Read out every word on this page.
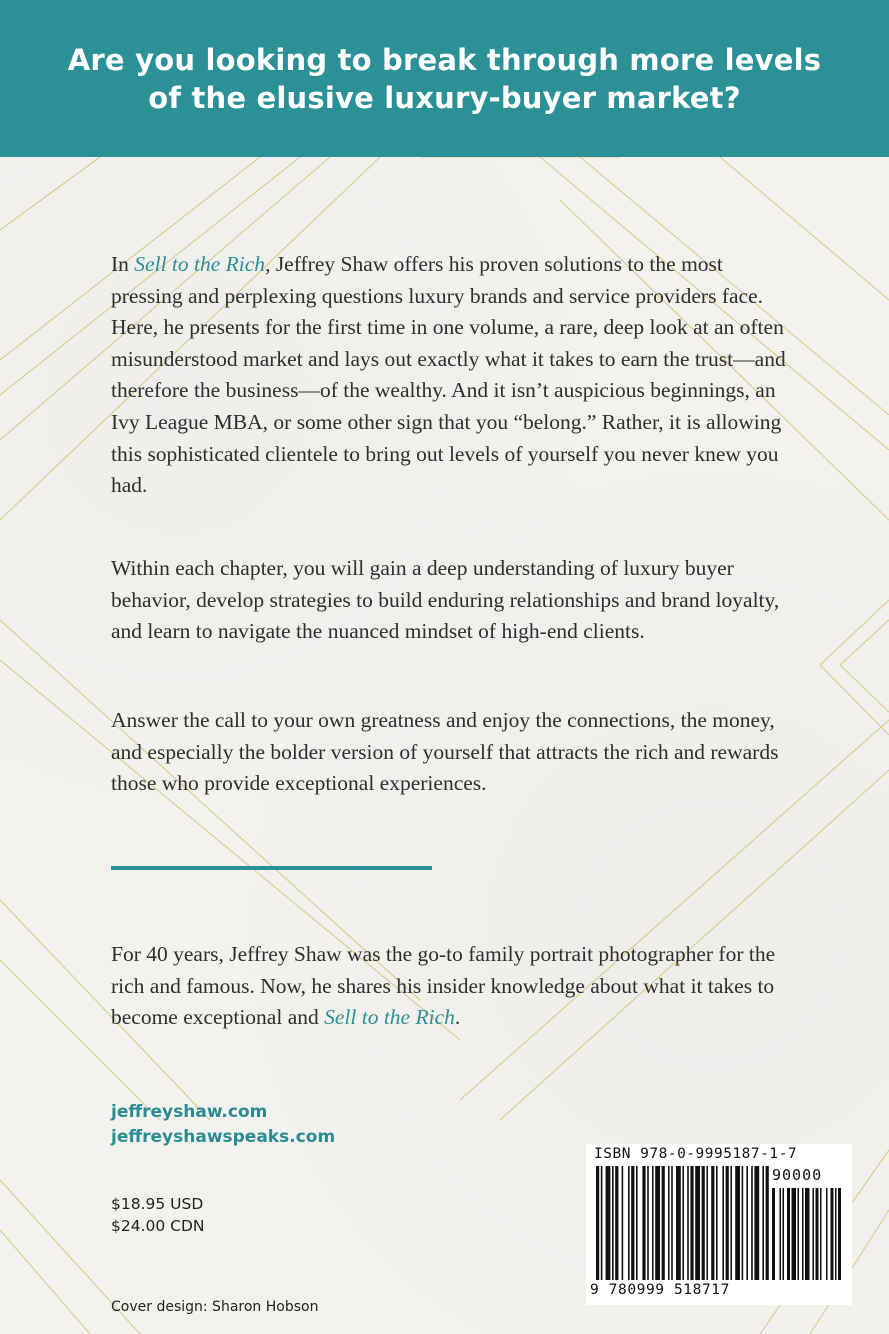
Are you looking to break through more levels of the elusive luxury-buyer market?

In Sell to the Rich, Jeffrey Shaw offers his proven solutions to the most pressing and perplexing questions luxury brands and service providers face. Here, he presents for the first time in one volume, a rare, deep look at an often misunderstood market and lays out exactly what it takes to earn the trust—and therefore the business—of the wealthy. And it isn’t auspicious beginnings, an Ivy League MBA, or some other sign that you “belong.” Rather, it is allowing this sophisticated clientele to bring out levels of yourself you never knew you had.

Within each chapter, you will gain a deep understanding of luxury buyer behavior, develop strategies to build enduring relationships and brand loyalty, and learn to navigate the nuanced mindset of high-end clients.

Answer the call to your own greatness and enjoy the connections, the money, and especially the bolder version of yourself that attracts the rich and rewards those who provide exceptional experiences.

For 40 years, Jeffrey Shaw was the go-to family portrait photographer for the rich and famous. Now, he shares his insider knowledge about what it takes to become exceptional and Sell to the Rich.

jeffreyshaw.com
jeffreyshawspeaks.com
$18.95 USD
$24.00 CDN
Cover design: Sharon Hobson
ISBN 978-0-9995187-1-7
90000
9 780999 518717
